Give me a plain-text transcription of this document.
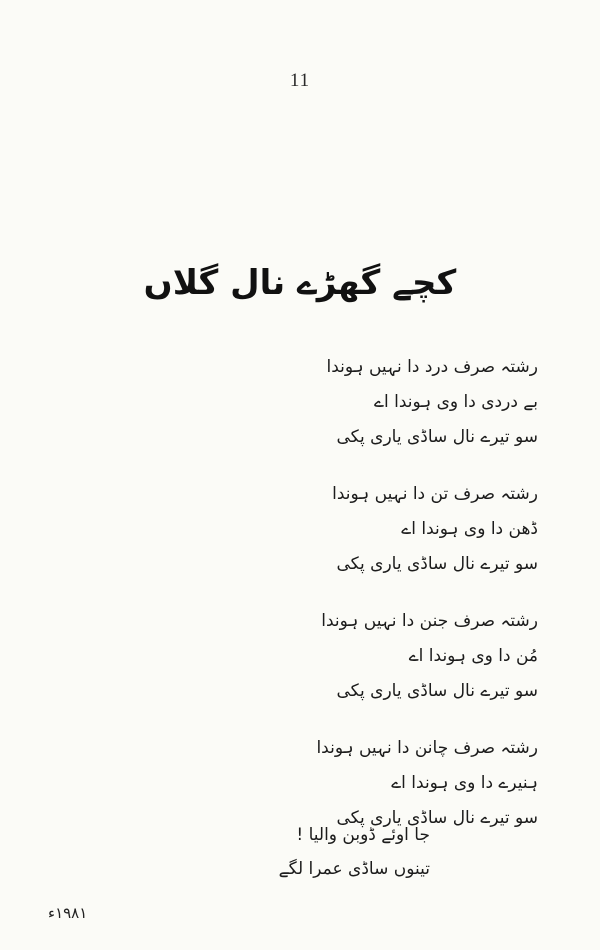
11
کچے گھڑے نال گلاں
رشتہ صرف درد دا نہیں ہوندا
بے دردی دا وی ہوندا اے
سو تیرے نال ساڈی یاری پکی
رشتہ صرف تن دا نہیں ہوندا
ڈھن دا وی ہوندا اے
سو تیرے نال ساڈی یاری پکی
رشتہ صرف جنن دا نہیں ہوندا
مُن دا وی ہوندا اے
سو تیرے نال ساڈی یاری پکی
رشتہ صرف چانن دا نہیں ہوندا
ہنیرے دا وی ہوندا اے
سو تیرے نال ساڈی یاری پکی
جا اوئے ڈوبن والیا !
تینوں ساڈی عمرا لگے
۱۹۸۱ء
